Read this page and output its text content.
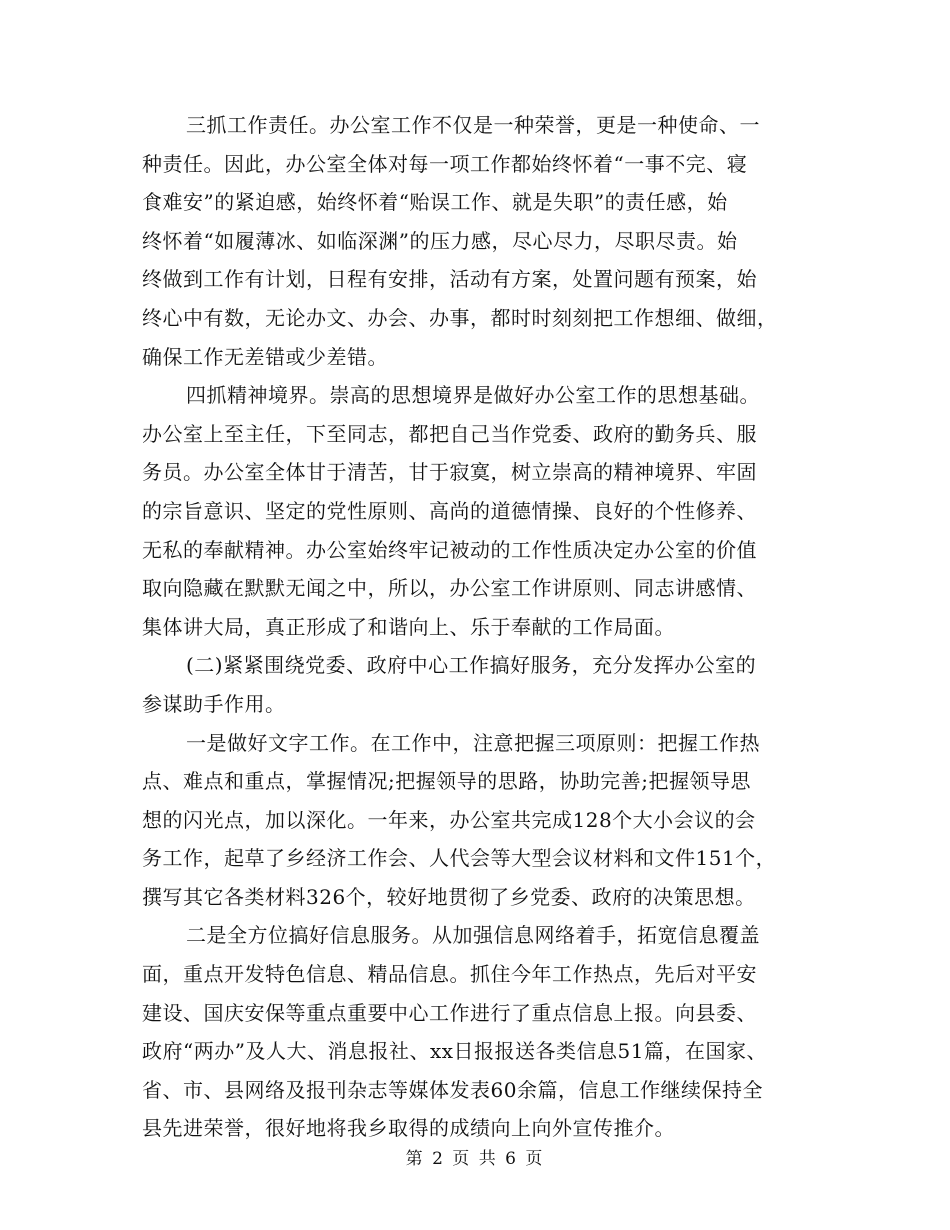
三抓工作责任。办公室工作不仅是一种荣誉，更是一种使命、一
种责任。因此，办公室全体对每一项工作都始终怀着“一事不完、寝
食难安”的紧迫感，始终怀着“贻误工作、就是失职”的责任感，始
终怀着“如履薄冰、如临深渊”的压力感，尽心尽力，尽职尽责。始
终做到工作有计划，日程有安排，活动有方案，处置问题有预案，始
终心中有数，无论办文、办会、办事，都时时刻刻把工作想细、做细，
确保工作无差错或少差错。
四抓精神境界。崇高的思想境界是做好办公室工作的思想基础。
办公室上至主任，下至同志，都把自己当作党委、政府的勤务兵、服
务员。办公室全体甘于清苦，甘于寂寞，树立崇高的精神境界、牢固
的宗旨意识、坚定的党性原则、高尚的道德情操、良好的个性修养、
无私的奉献精神。办公室始终牢记被动的工作性质决定办公室的价值
取向隐藏在默默无闻之中，所以，办公室工作讲原则、同志讲感情、
集体讲大局，真正形成了和谐向上、乐于奉献的工作局面。
(二)紧紧围绕党委、政府中心工作搞好服务，充分发挥办公室的
参谋助手作用。
一是做好文字工作。在工作中，注意把握三项原则：把握工作热
点、难点和重点，掌握情况;把握领导的思路，协助完善;把握领导思
想的闪光点，加以深化。一年来，办公室共完成128个大小会议的会
务工作，起草了乡经济工作会、人代会等大型会议材料和文件151个，
撰写其它各类材料326个，较好地贯彻了乡党委、政府的决策思想。
二是全方位搞好信息服务。从加强信息网络着手，拓宽信息覆盖
面，重点开发特色信息、精品信息。抓住今年工作热点，先后对平安
建设、国庆安保等重点重要中心工作进行了重点信息上报。向县委、
政府“两办”及人大、消息报社、xx日报报送各类信息51篇，在国家、
省、市、县网络及报刊杂志等媒体发表60余篇，信息工作继续保持全
县先进荣誉，很好地将我乡取得的成绩向上向外宣传推介。
第 2 页 共 6 页
